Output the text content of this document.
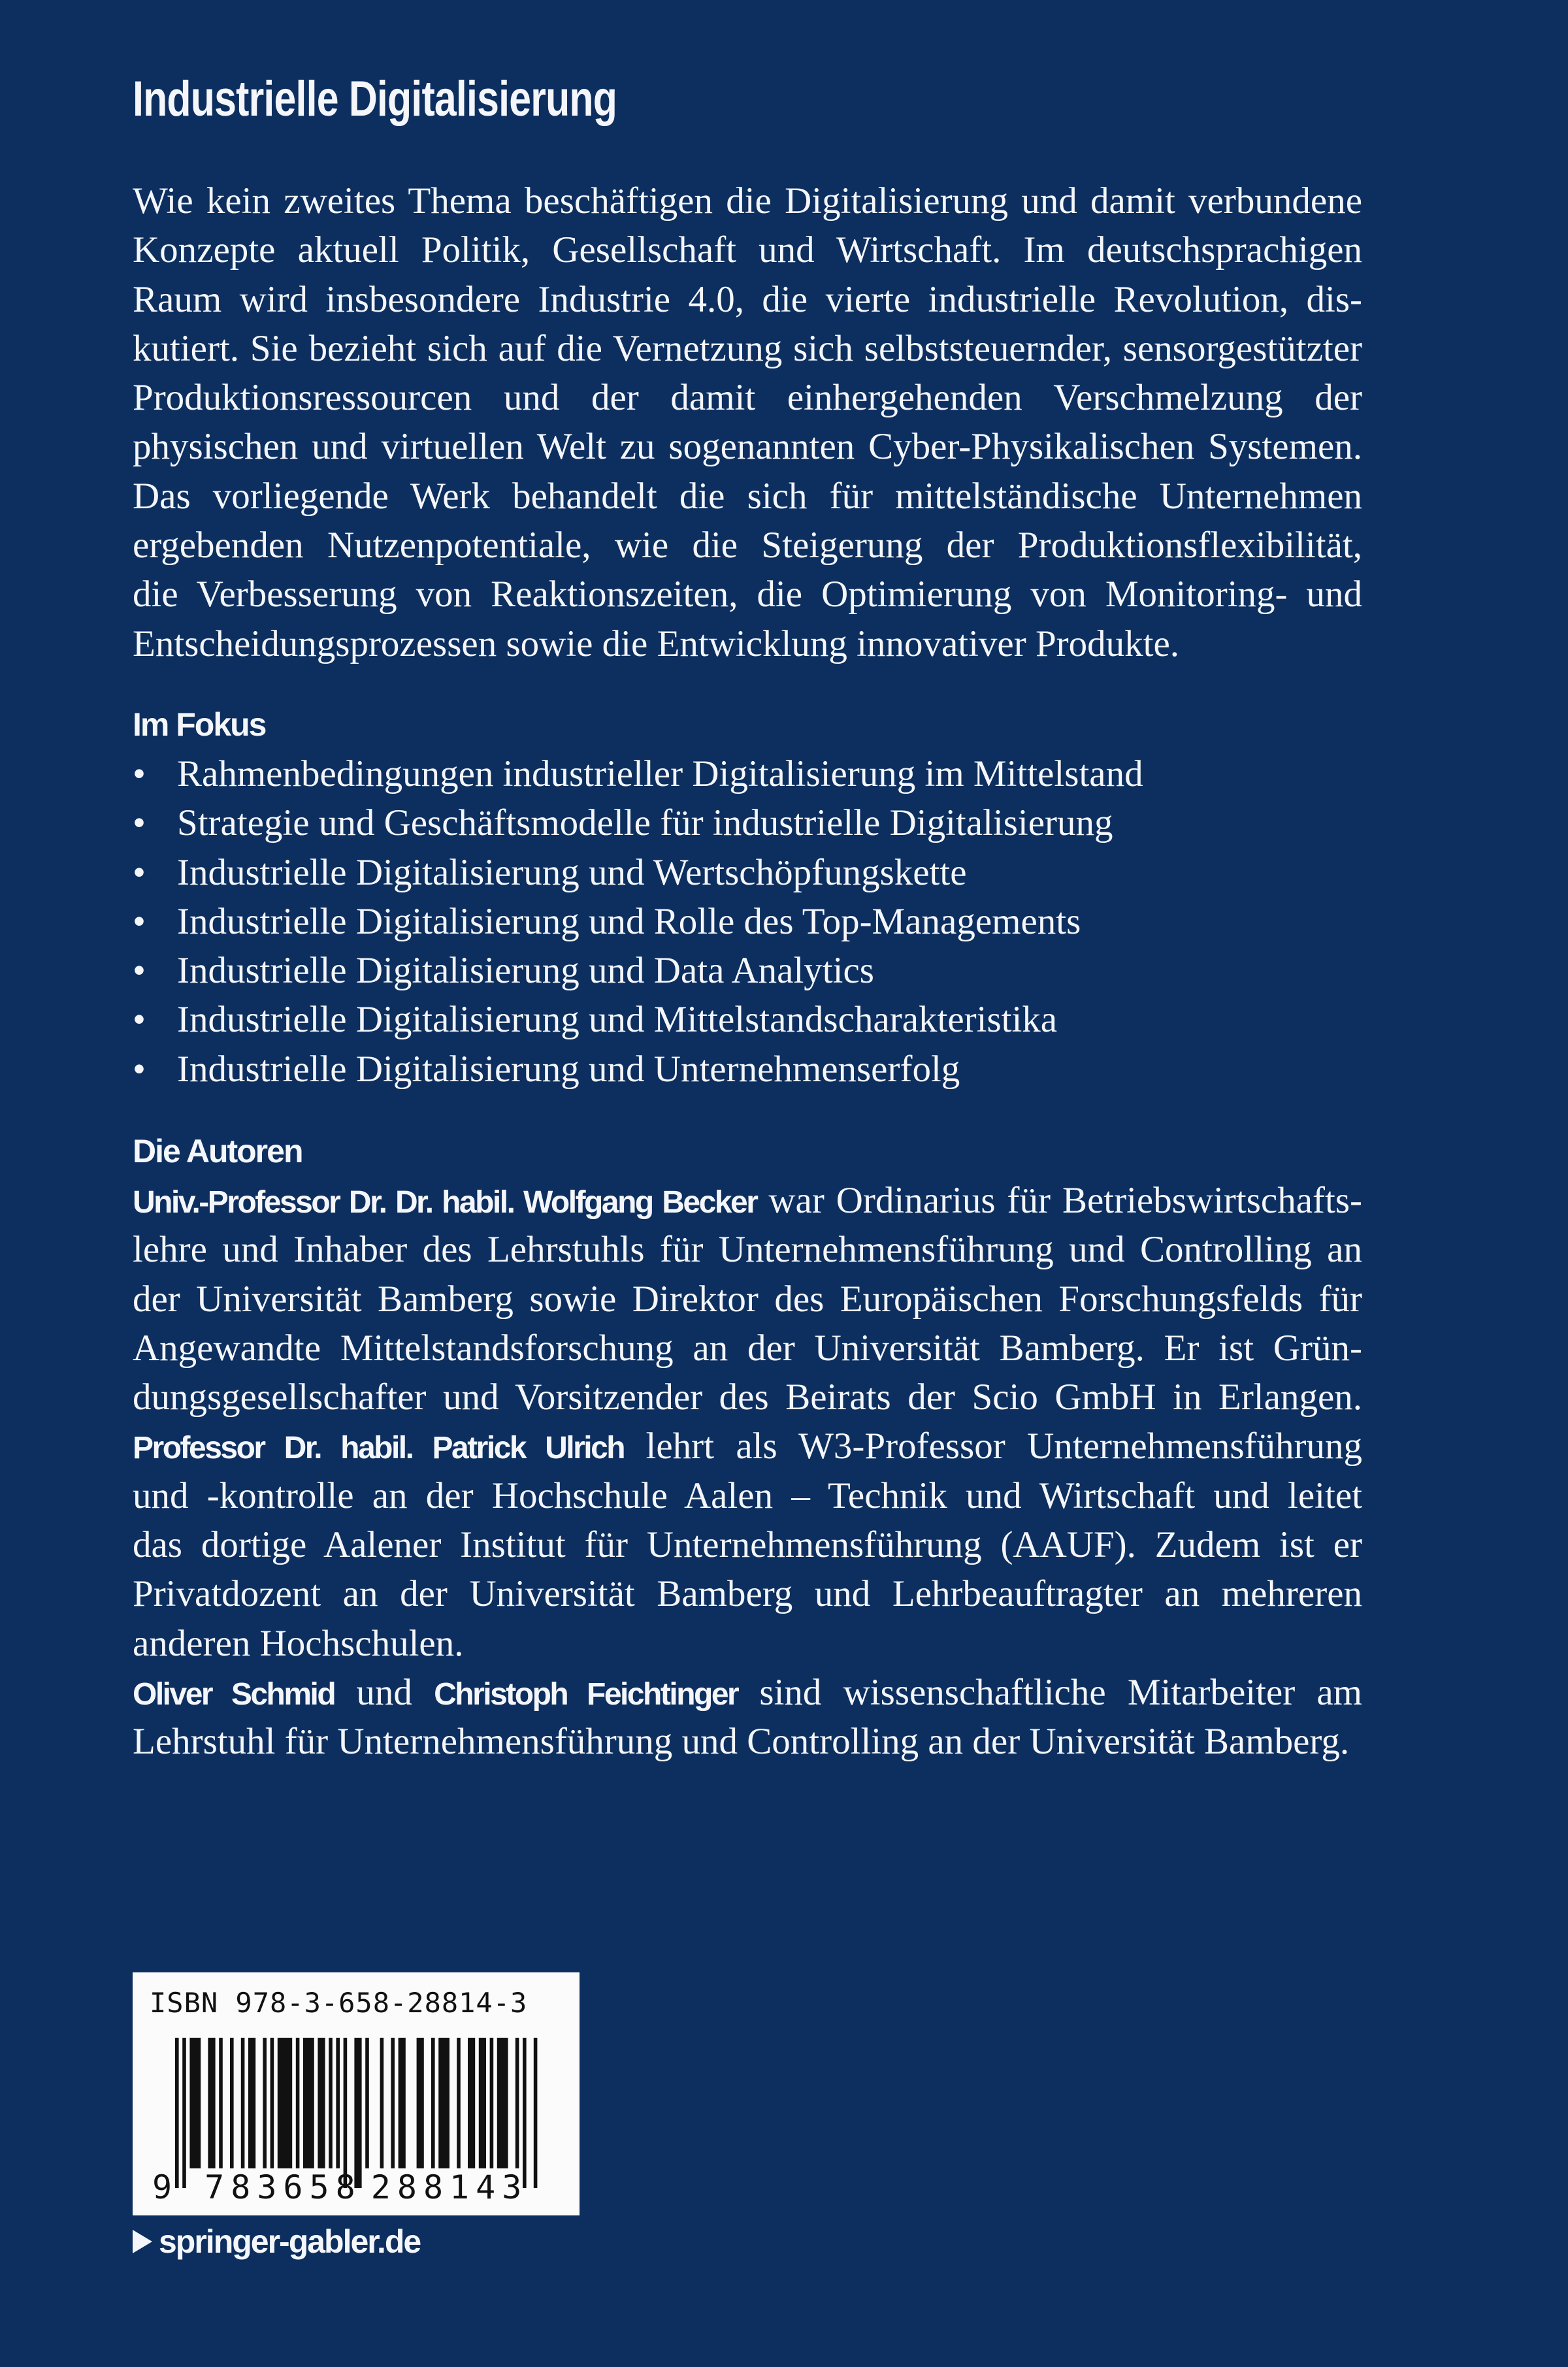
Industrielle Digitalisierung
Wie kein zweites Thema beschäftigen die Digitalisierung und damit verbundene
Konzepte aktuell Politik, Gesellschaft und Wirtschaft. Im deutschsprachigen
Raum wird insbesondere Industrie 4.0, die vierte industrielle Revolution, dis-
kutiert. Sie bezieht sich auf die Vernetzung sich selbststeuernder, sensorgestützter
Produktionsressourcen und der damit einhergehenden Verschmelzung der
physischen und virtuellen Welt zu sogenannten Cyber-Physikalischen Systemen.
Das vorliegende Werk behandelt die sich für mittelständische Unternehmen
ergebenden Nutzenpotentiale, wie die Steigerung der Produktionsflexibilität,
die Verbesserung von Reaktionszeiten, die Optimierung von Monitoring- und
Entscheidungsprozessen sowie die Entwicklung innovativer Produkte.
Im Fokus
• Rahmenbedingungen industrieller Digitalisierung im Mittelstand
• Strategie und Geschäftsmodelle für industrielle Digitalisierung
• Industrielle Digitalisierung und Wertschöpfungskette
• Industrielle Digitalisierung und Rolle des Top-Managements
• Industrielle Digitalisierung und Data Analytics
• Industrielle Digitalisierung und Mittelstandscharakteristika
• Industrielle Digitalisierung und Unternehmenserfolg
Die Autoren
Univ.-Professor Dr. Dr. habil. Wolfgang Becker war Ordinarius für Betriebswirtschafts-
lehre und Inhaber des Lehrstuhls für Unternehmensführung und Controlling an
der Universität Bamberg sowie Direktor des Europäischen Forschungsfelds für
Angewandte Mittelstandsforschung an der Universität Bamberg. Er ist Grün-
dungsgesellschafter und Vorsitzender des Beirats der Scio GmbH in Erlangen.
Professor Dr. habil. Patrick Ulrich lehrt als W3-Professor Unternehmensführung
und -kontrolle an der Hochschule Aalen – Technik und Wirtschaft und leitet
das dortige Aalener Institut für Unternehmensführung (AAUF). Zudem ist er
Privatdozent an der Universität Bamberg und Lehrbeauftragter an mehreren
anderen Hochschulen.
Oliver Schmid und Christoph Feichtinger sind wissenschaftliche Mitarbeiter am
Lehrstuhl für Unternehmensführung und Controlling an der Universität Bamberg.
ISBN 978-3-658-28814-3
9 783658 288143
springer-gabler.de
